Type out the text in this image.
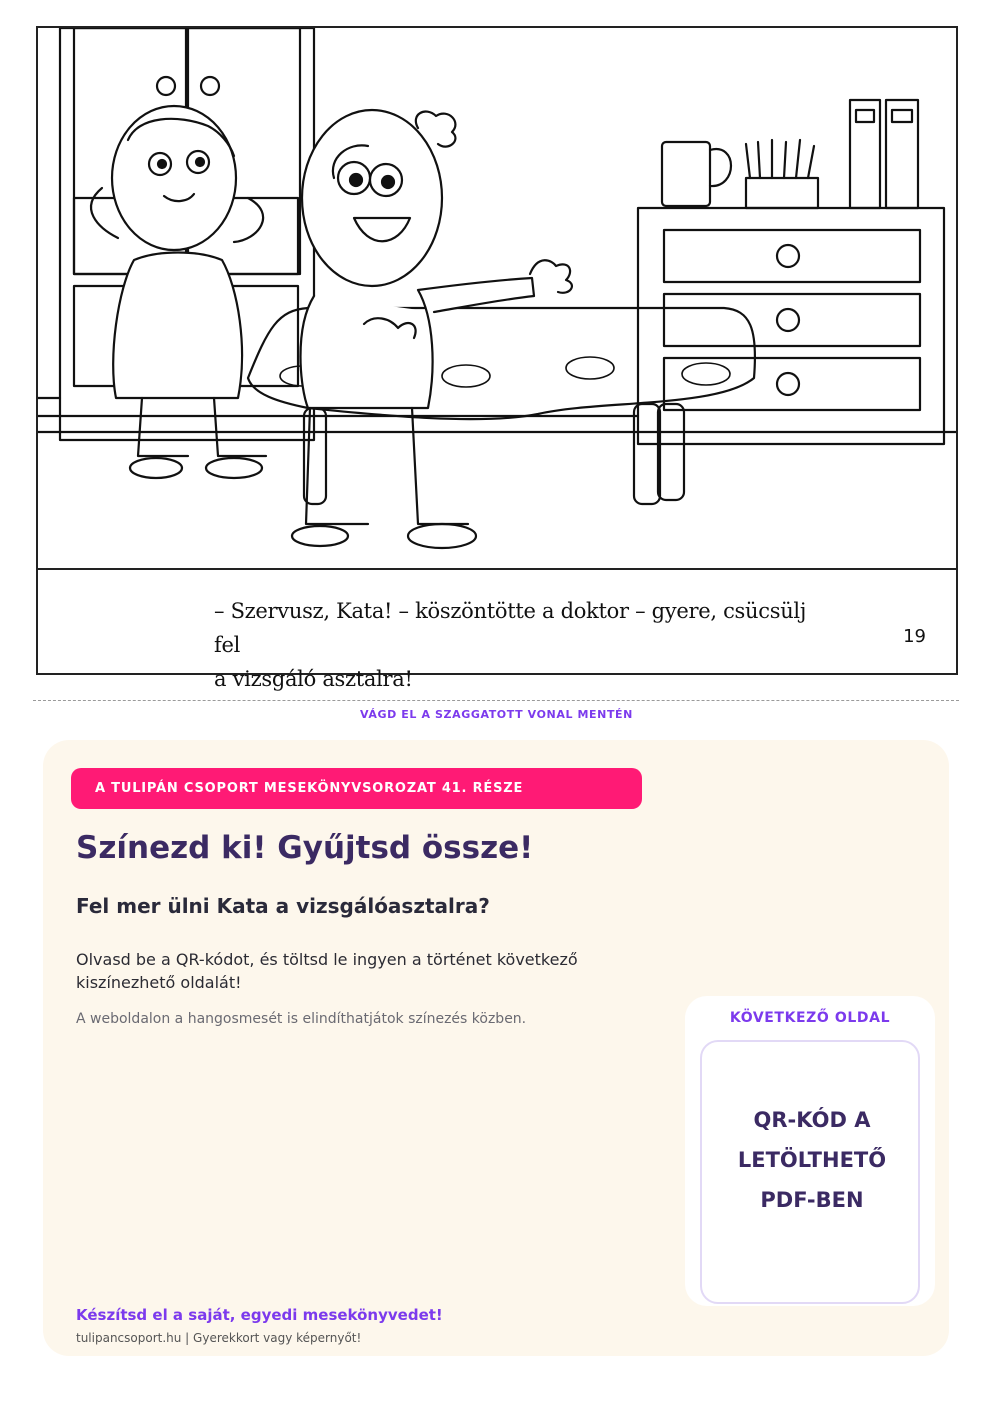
– Szervusz, Kata! – köszöntötte a doktor – gyere, csücsülj fel
a vizsgáló asztalra!
19
VÁGD EL A SZAGGATOTT VONAL MENTÉN
A TULIPÁN CSOPORT MESEKÖNYVSOROZAT 41. RÉSZE
Színezd ki! Gyűjtsd össze!
Fel mer ülni Kata a vizsgálóasztalra?
Olvasd be a QR-kódot, és töltsd le ingyen a történet következő kiszínezhető oldalát!
A weboldalon a hangosmesét is elindíthatjátok színezés közben.	KÖVETKEZŐ OLDAL
QR-KÓD A
LETÖLTHETŐ
PDF-BEN
Készítsd el a saját, egyedi mesekönyvedet!
tulipancsoport.hu | Gyerekkort vagy képernyőt!
